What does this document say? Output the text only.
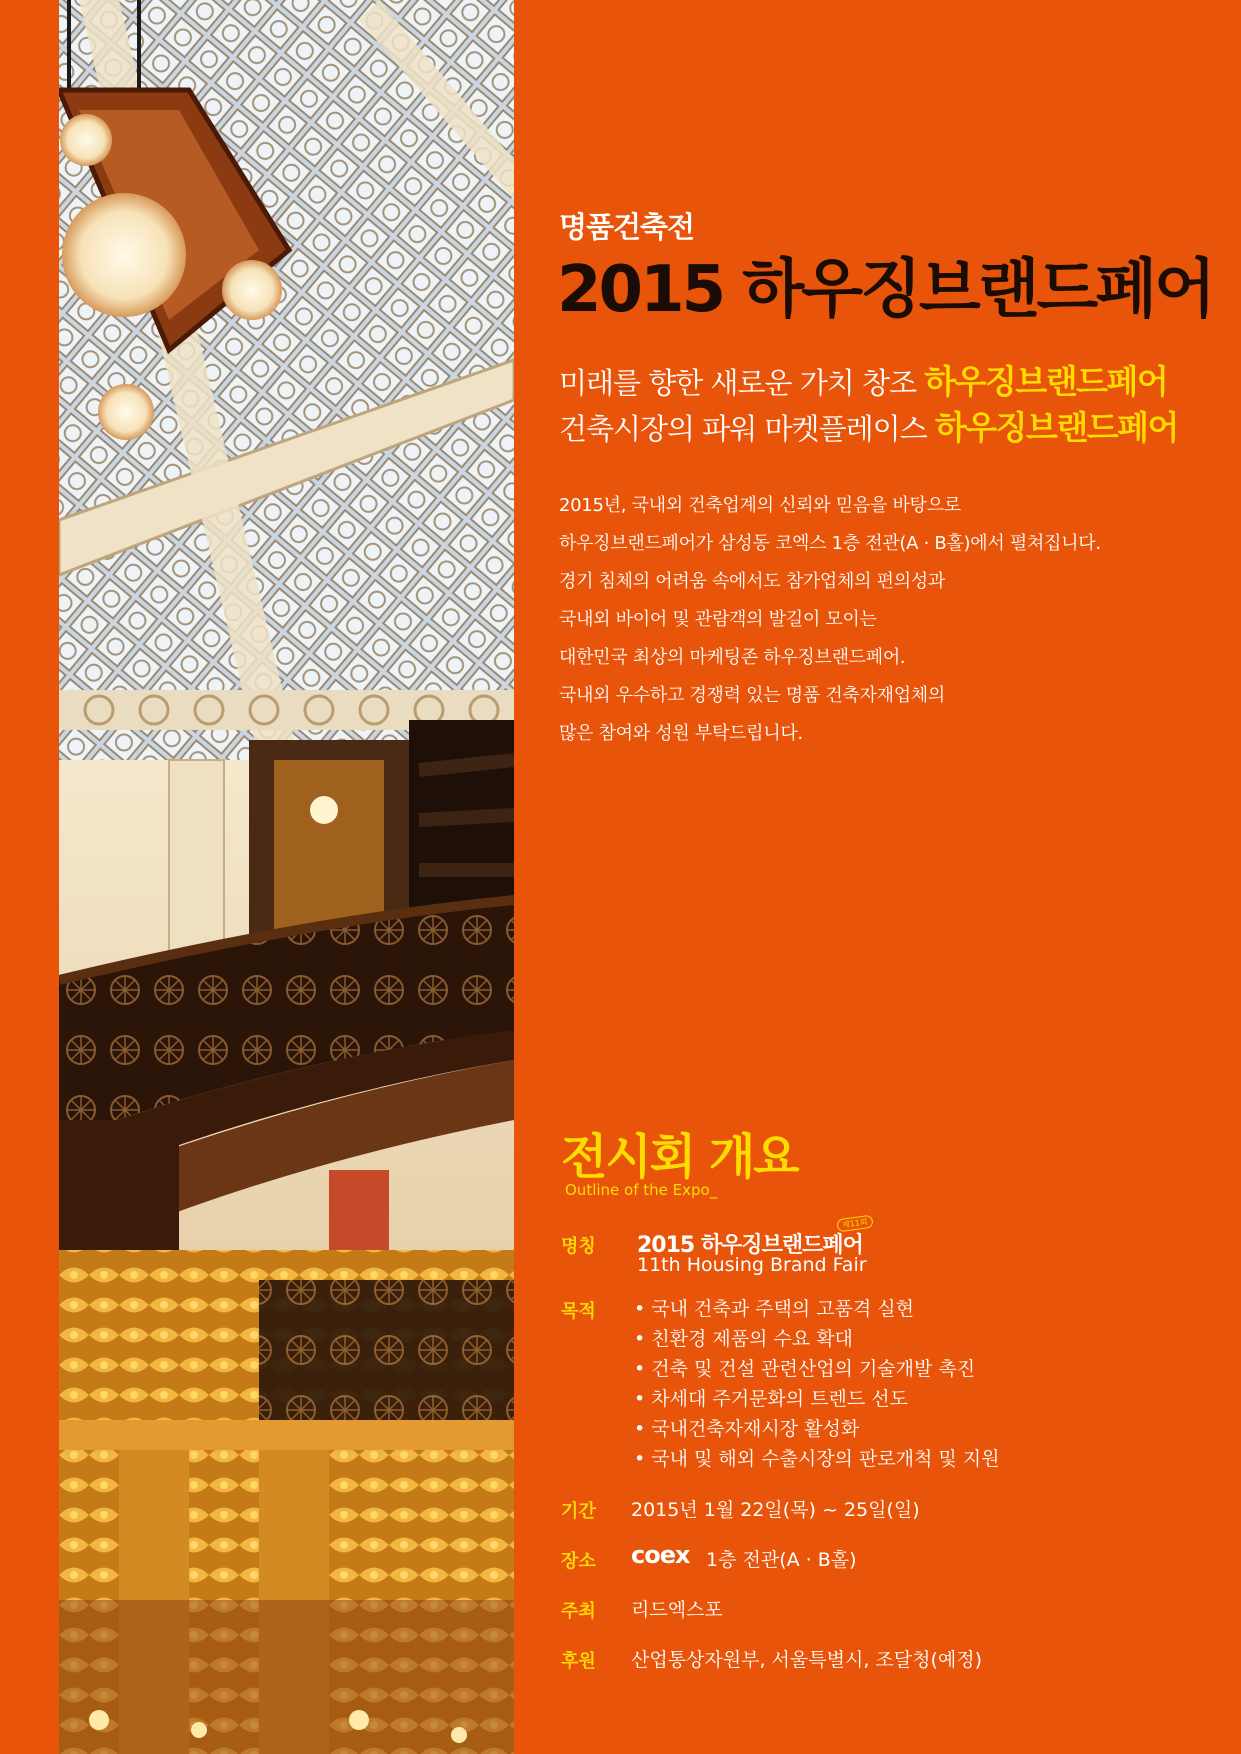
명품건축전
2015 하우징브랜드페어
미래를 향한 새로운 가치 창조 하우징브랜드페어
건축시장의 파워 마켓플레이스 하우징브랜드페어
2015년, 국내외 건축업계의 신뢰와 믿음을 바탕으로
하우징브랜드페어가 삼성동 코엑스 1층 전관(A · B홀)에서 펼쳐집니다.
경기 침체의 어려움 속에서도 참가업체의 편의성과
국내외 바이어 및 관람객의 발길이 모이는
대한민국 최상의 마케팅존 하우징브랜드페어.
국내외 우수하고 경쟁력 있는 명품 건축자재업체의
많은 참여와 성원 부탁드립니다.
전시회 개요
Outline of the Expo_
명칭 2015 하우징브랜드페어
제11회
11th Housing Brand Fair
목적 • 국내 건축과 주택의 고품격 실현
• 친환경 제품의 수요 확대
• 건축 및 건설 관련산업의 기술개발 촉진
• 차세대 주거문화의 트렌드 선도
• 국내건축자재시장 활성화
• 국내 및 해외 수출시장의 판로개척 및 지원
기간 2015년 1월 22일(목) ~ 25일(일)
장소 coex 1층 전관(A · B홀)
주최 리드엑스포
후원 산업통상자원부, 서울특별시, 조달청(예정)
